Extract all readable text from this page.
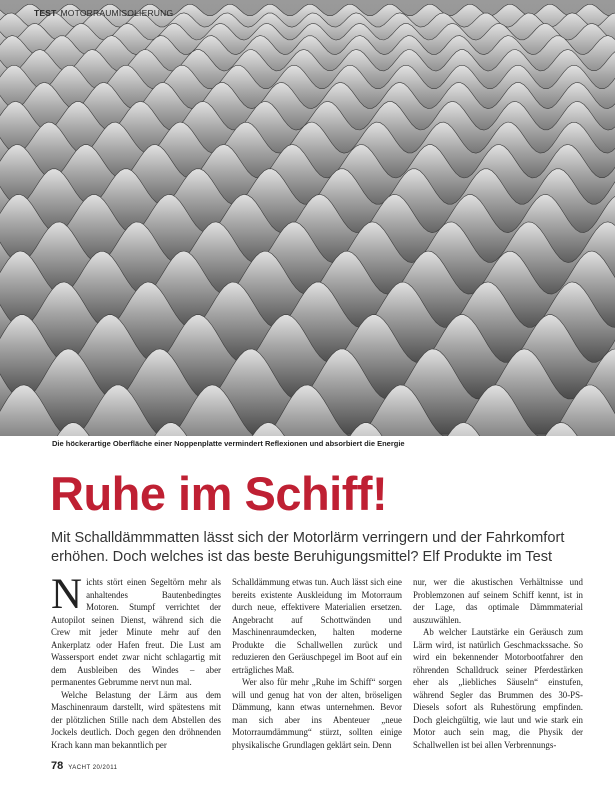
TEST MOTORRAUMISOLIERUNG
Die höckerartige Oberfläche einer Noppenplatte vermindert Reflexionen und absorbiert die Energie
Ruhe im Schiff!

Mit Schalldämmmatten lässt sich der Motorlärm verringern und der Fahrkomfort erhöhen. Doch welches ist das beste Beruhigungsmittel? Elf Produkte im Test

Nichts stört einen Segeltörn mehr als anhaltendes Bautenbedingtes Motoren. Stumpf verrichtet der Autopilot seinen Dienst, während sich die Crew mit jeder Minute mehr auf den Ankerplatz oder Hafen freut. Die Lust am Wassersport endet zwar nicht schlagartig mit dem Ausbleiben des Windes – aber permanentes Gebrumme nervt nun mal.

Welche Belastung der Lärm aus dem Maschinenraum darstellt, wird spätestens mit der plötzlichen Stille nach dem Abstellen des Jockels deutlich. Doch gegen den dröhnenden Krach kann man bekanntlich per

Schalldämmung etwas tun. Auch lässt sich eine bereits existente Auskleidung im Motorraum durch neue, effektivere Materialien ersetzen. Angebracht auf Schottwänden und Maschinenraumdecken, halten moderne Produkte die Schallwellen zurück und reduzieren den Geräuschpegel im Boot auf ein erträgliches Maß.

Wer also für mehr „Ruhe im Schiff“ sorgen will und genug hat von der alten, bröseligen Dämmung, kann etwas unternehmen. Bevor man sich aber ins Abenteuer „neue Motorraumdämmung“ stürzt, sollten einige physikalische Grundlagen geklärt sein. Denn

nur, wer die akustischen Verhältnisse und Problemzonen auf seinem Schiff kennt, ist in der Lage, das optimale Dämmmaterial auszuwählen.

Ab welcher Lautstärke ein Geräusch zum Lärm wird, ist natürlich Geschmackssache. So wird ein bekennender Motorbootfahrer den röhrenden Schalldruck seiner Pferdestärken eher als „liebliches Säuseln“ einstufen, während Segler das Brummen des 30-PS-Diesels sofort als Ruhestörung empfinden. Doch gleichgültig, wie laut und wie stark ein Motor auch sein mag, die Physik der Schallwellen ist bei allen Verbrennungs-

78 YACHT 20/2011
